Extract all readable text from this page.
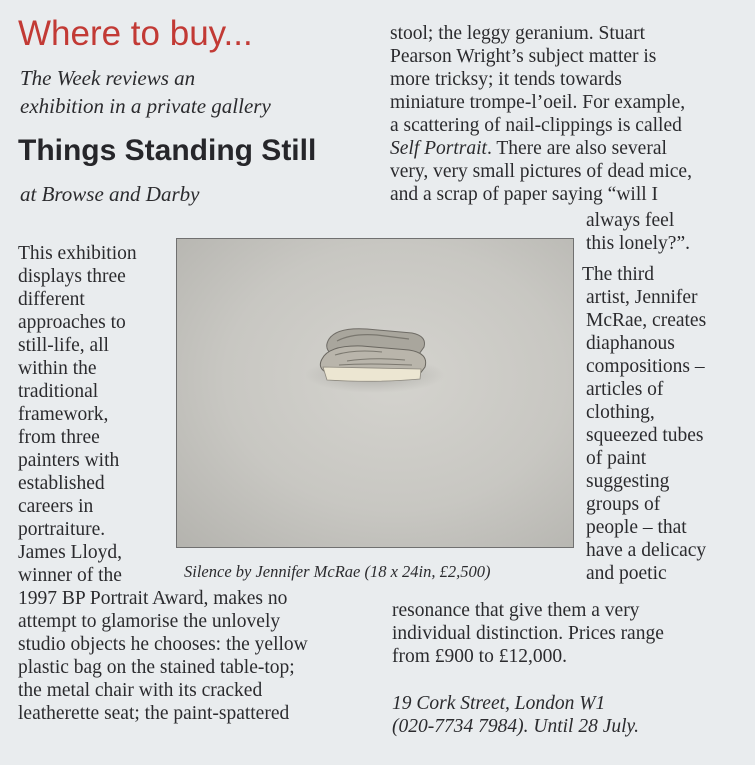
Where to buy...
The Week reviews an
exhibition in a private gallery
Things Standing Still
at Browse and Darby
stool; the leggy geranium. Stuart
Pearson Wright’s subject matter is
more tricksy; it tends towards
miniature trompe-l’oeil. For example,
a scattering of nail-clippings is called
Self Portrait. There are also several
very, very small pictures of dead mice,
and a scrap of paper saying “will I
This exhibition
displays three
different
approaches to
still-life, all
within the
traditional
framework,
from three
painters with
established
careers in
portraiture.
James Lloyd,
winner of the
always feel
this lonely?”.
The third
artist, Jennifer
McRae, creates
diaphanous
compositions –
articles of
clothing,
squeezed tubes
of paint
suggesting
groups of
people – that
have a delicacy
and poetic
Silence by Jennifer McRae (18 x 24in, £2,500)
1997 BP Portrait Award, makes no
attempt to glamorise the unlovely
studio objects he chooses: the yellow
plastic bag on the stained table-top;
the metal chair with its cracked
leatherette seat; the paint-spattered
resonance that give them a very
individual distinction. Prices range
from £900 to £12,000.
19 Cork Street, London W1
(020-7734 7984). Until 28 July.
